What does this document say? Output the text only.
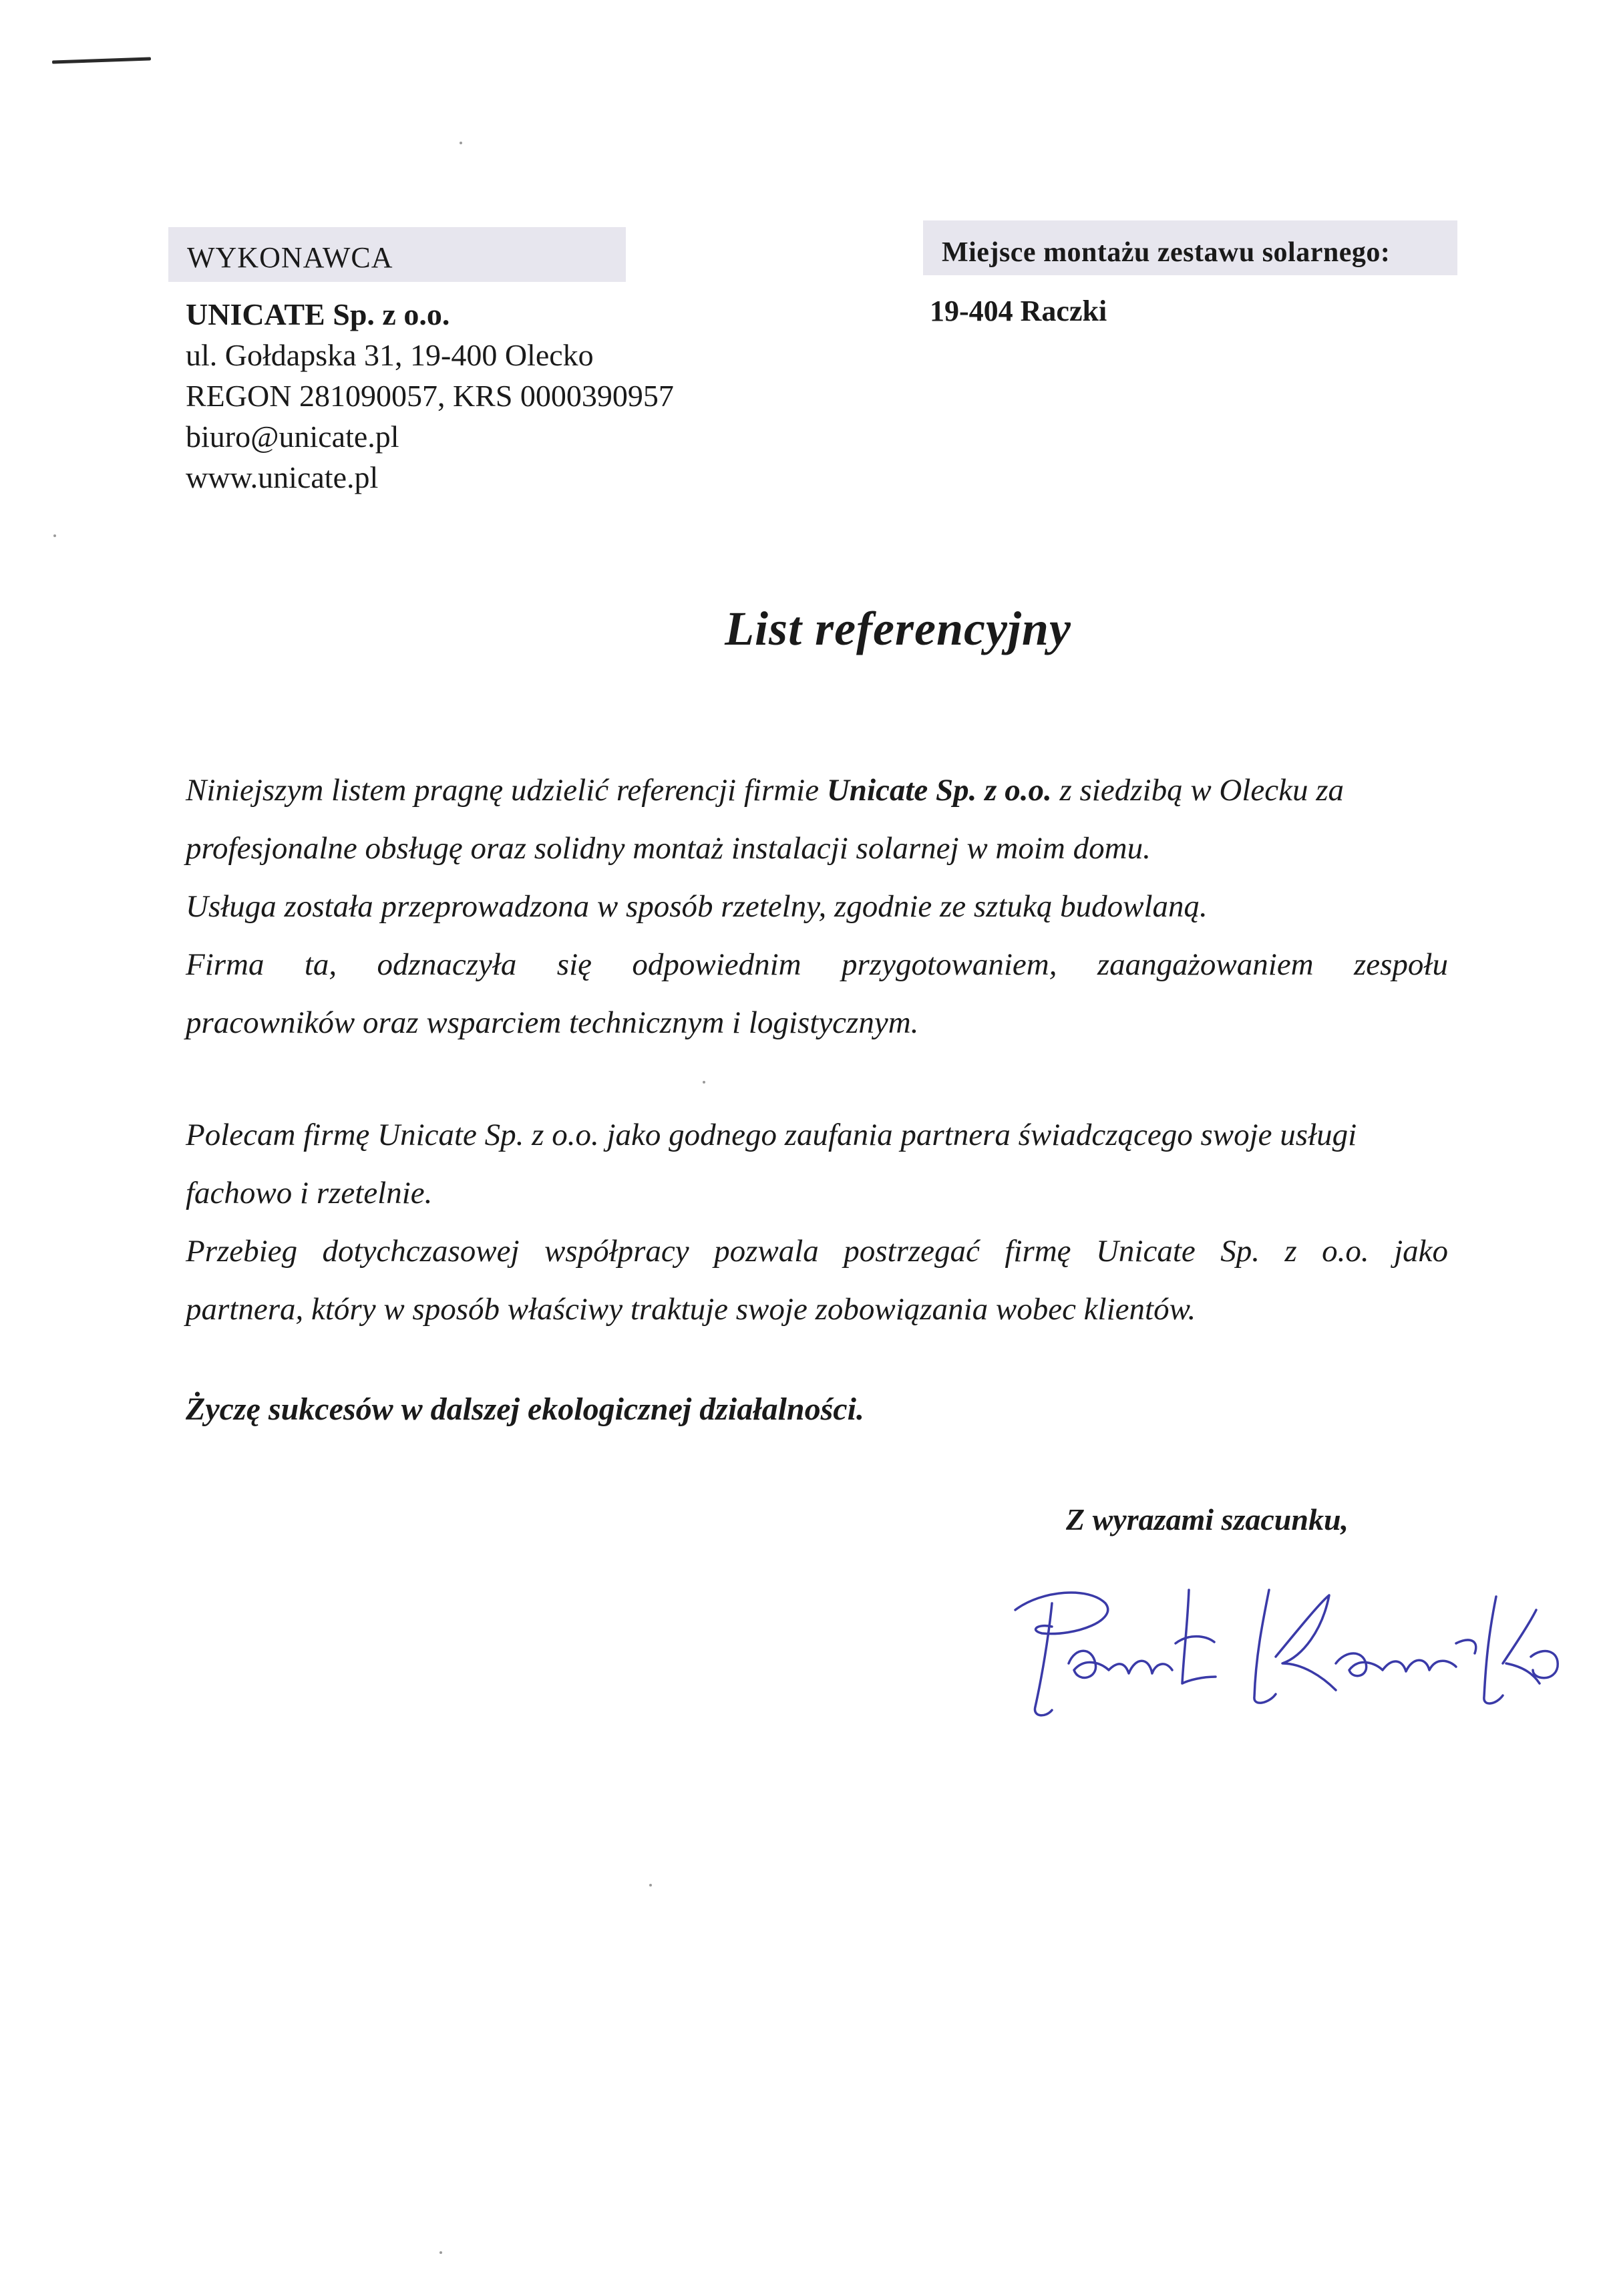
WYKONAWCA	Miejsce montażu zestawu solarnego:
UNICATE Sp. z o.o.
ul. Gołdapska 31, 19-400 Olecko
REGON 281090057, KRS 0000390957
biuro@unicate.pl
www.unicate.pl
19-404 Raczki
List referencyjny
Niniejszym listem pragnę udzielić referencji firmie Unicate Sp. z o.o. z siedzibą w Olecku za
profesjonalne obsługę oraz solidny montaż instalacji solarnej w moim domu.
Usługa została przeprowadzona w sposób rzetelny, zgodnie ze sztuką budowlaną.
Firma ta, odznaczyła się odpowiednim przygotowaniem, zaangażowaniem zespołu
pracowników oraz wsparciem technicznym i logistycznym.
Polecam firmę Unicate Sp. z o.o. jako godnego zaufania partnera świadczącego swoje usługi
fachowo i rzetelnie.
Przebieg dotychczasowej współpracy pozwala postrzegać firmę Unicate Sp. z o.o. jako
partnera, który w sposób właściwy traktuje swoje zobowiązania wobec klientów.
Życzę sukcesów w dalszej ekologicznej działalności.
Z wyrazami szacunku,
